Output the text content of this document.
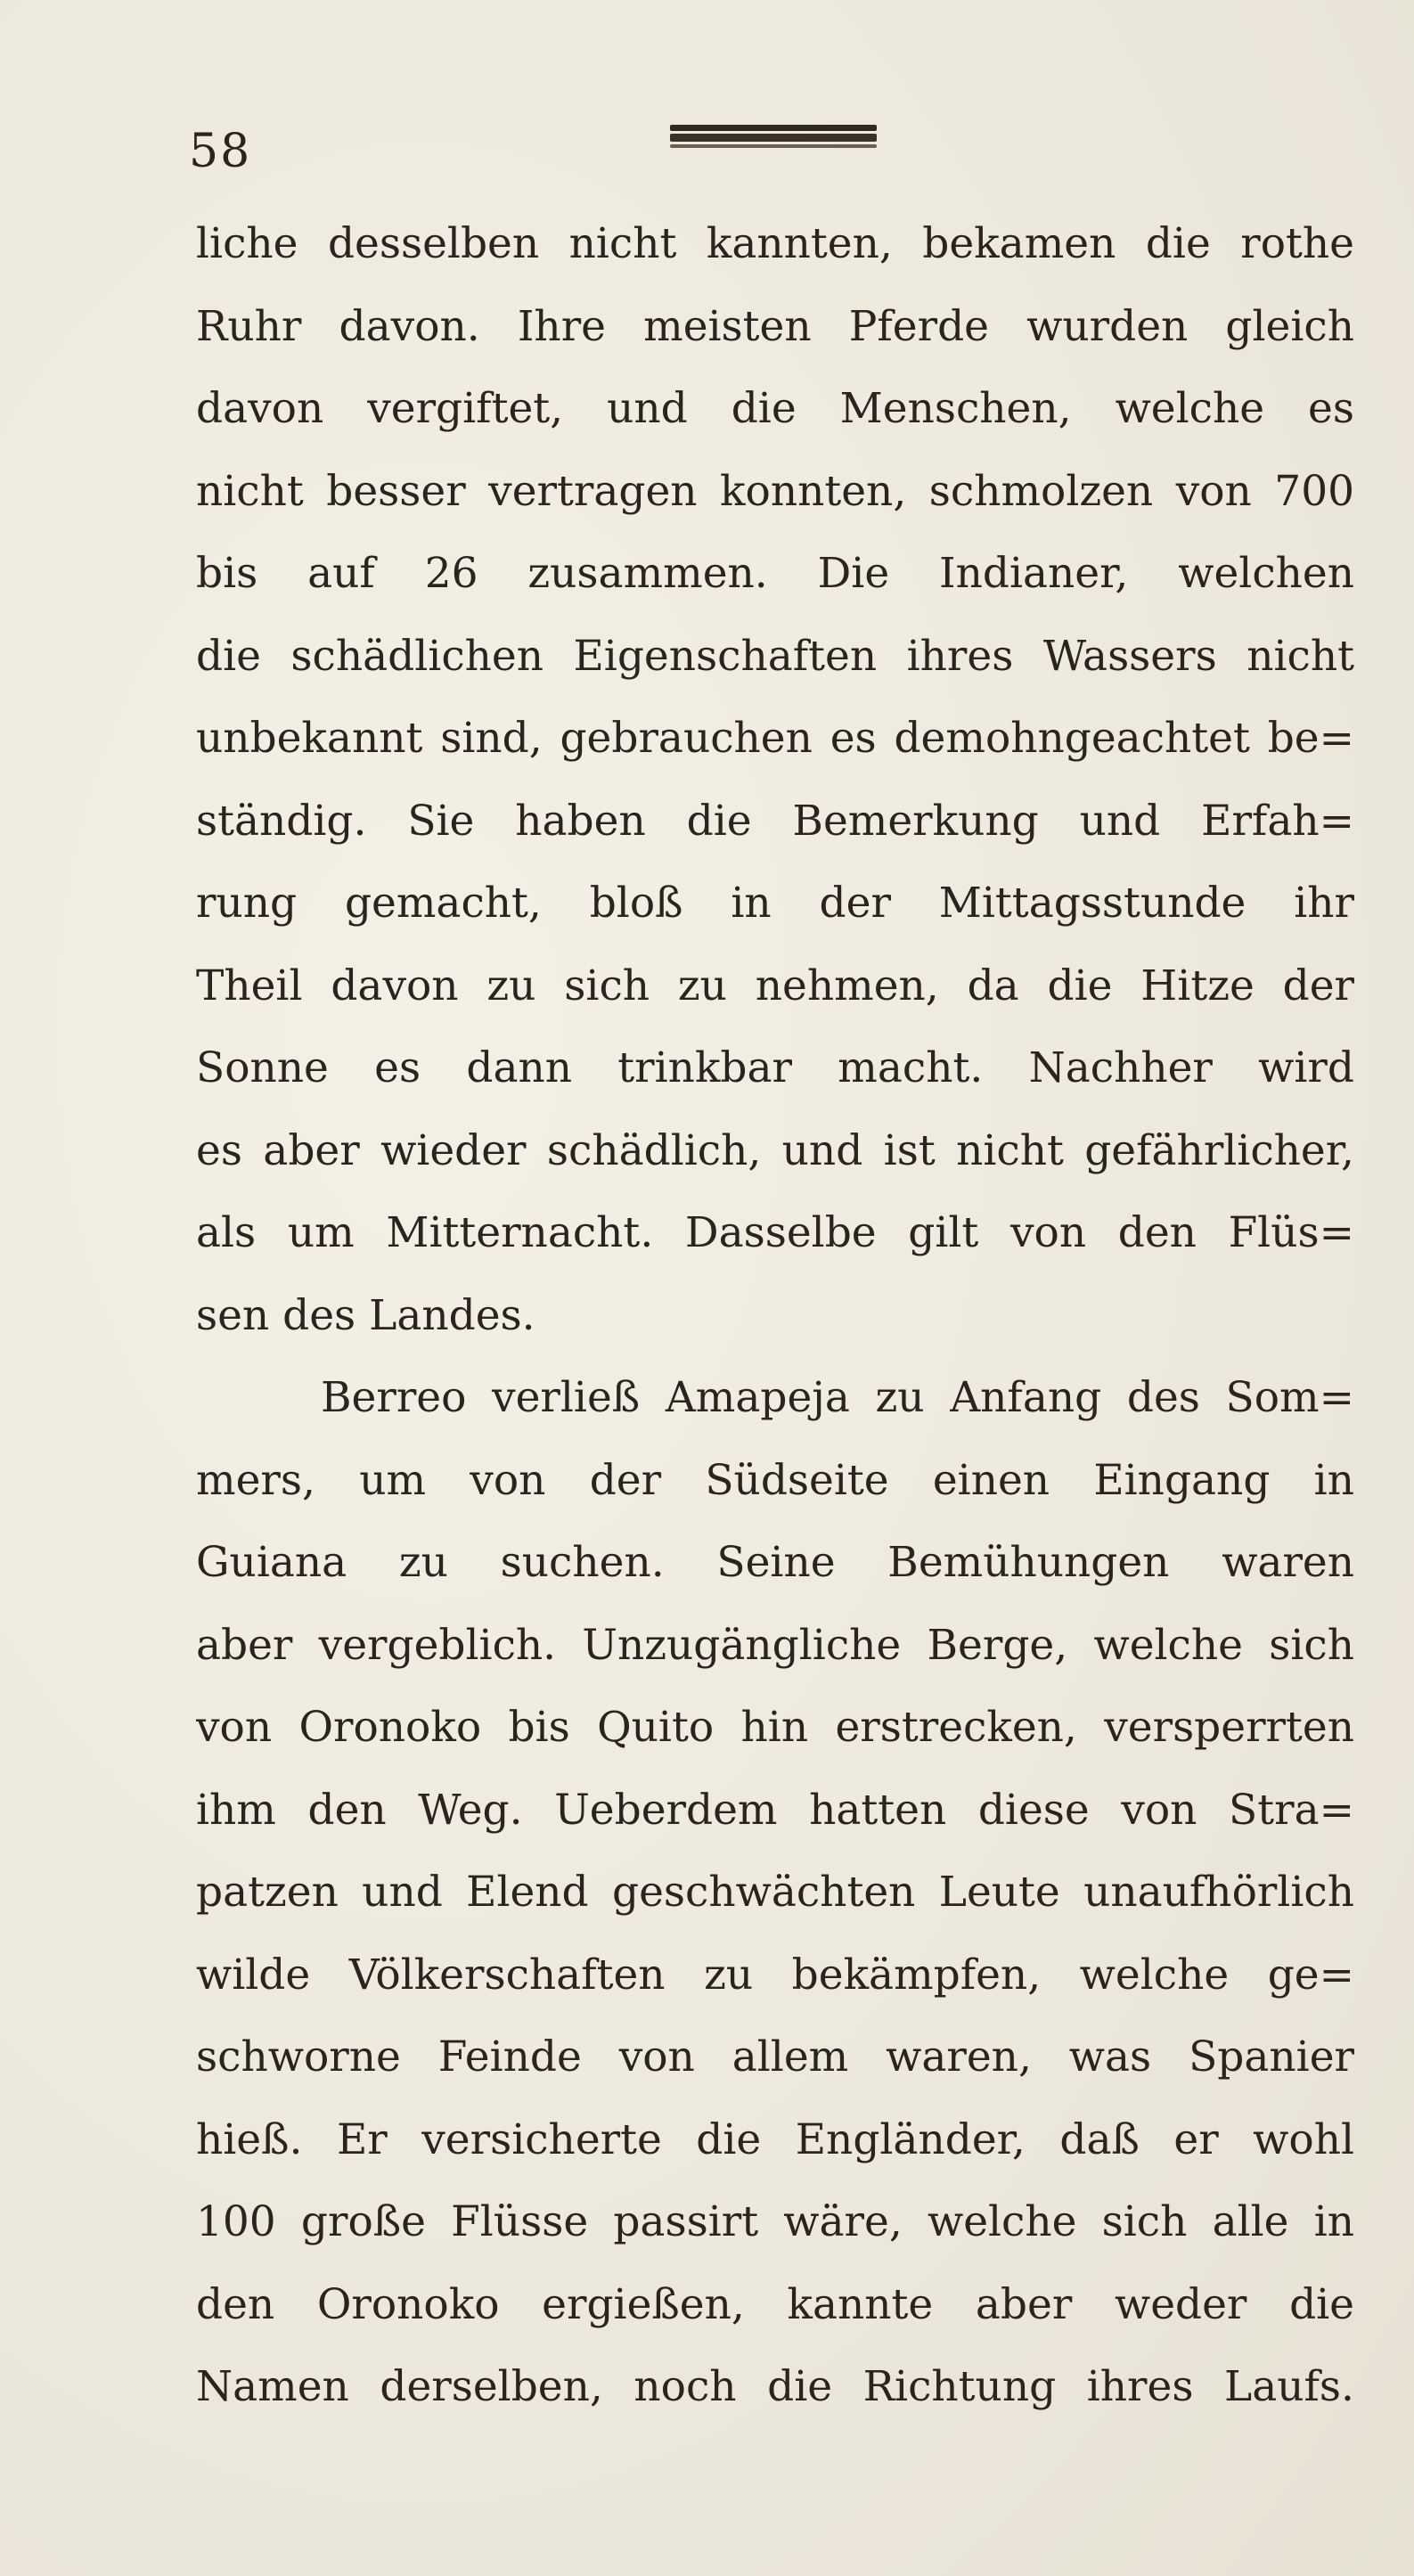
58
liche desselben nicht kannten, bekamen die rothe
Ruhr davon. Ihre meisten Pferde wurden gleich
davon vergiftet, und die Menschen, welche es
nicht besser vertragen konnten, schmolzen von 700
bis auf 26 zusammen. Die Indianer, welchen
die schädlichen Eigenschaften ihres Wassers nicht
unbekannt sind, gebrauchen es demohngeachtet be=
ständig. Sie haben die Bemerkung und Erfah=
rung gemacht, bloß in der Mittagsstunde ihr
Theil davon zu sich zu nehmen, da die Hitze der
Sonne es dann trinkbar macht. Nachher wird
es aber wieder schädlich, und ist nicht gefährlicher,
als um Mitternacht. Dasselbe gilt von den Flüs=
sen des Landes.
Berreo verließ Amapeja zu Anfang des Som=
mers, um von der Südseite einen Eingang in
Guiana zu suchen. Seine Bemühungen waren
aber vergeblich. Unzugängliche Berge, welche sich
von Oronoko bis Quito hin erstrecken, versperrten
ihm den Weg. Ueberdem hatten diese von Stra=
patzen und Elend geschwächten Leute unaufhörlich
wilde Völkerschaften zu bekämpfen, welche ge=
schworne Feinde von allem waren, was Spanier
hieß. Er versicherte die Engländer, daß er wohl
100 große Flüsse passirt wäre, welche sich alle in
den Oronoko ergießen, kannte aber weder die
Namen derselben, noch die Richtung ihres Laufs.
